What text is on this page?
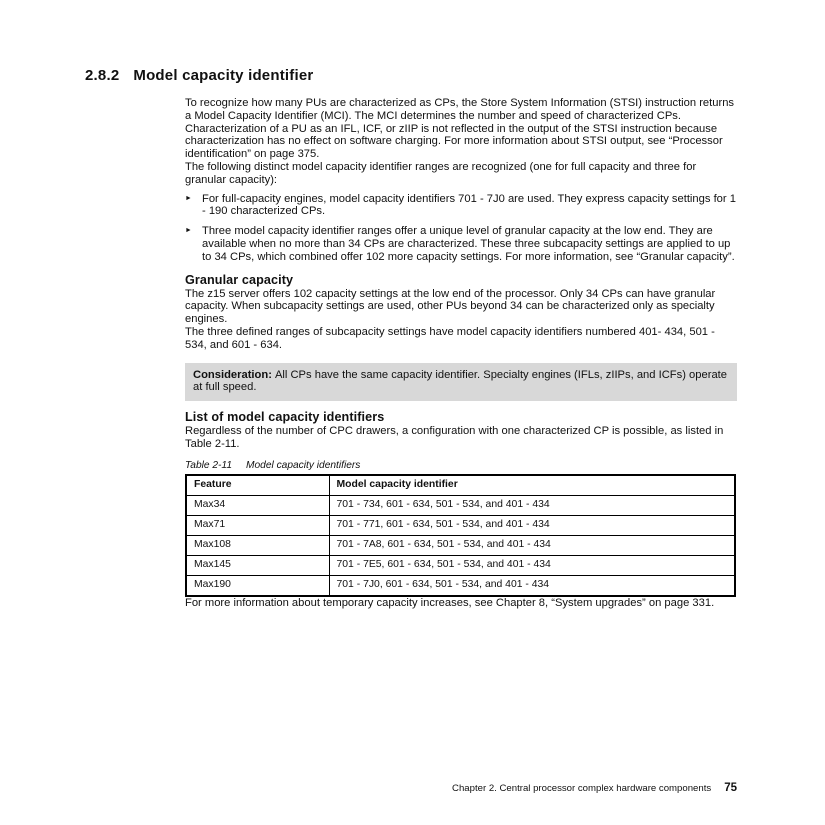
2.8.2 Model capacity identifier

To recognize how many PUs are characterized as CPs, the Store System Information (STSI) instruction returns a Model Capacity Identifier (MCI). The MCI determines the number and speed of characterized CPs. Characterization of a PU as an IFL, ICF, or zIIP is not reflected in the output of the STSI instruction because characterization has no effect on software charging. For more information about STSI output, see “Processor identification” on page 375.

The following distinct model capacity identifier ranges are recognized (one for full capacity and three for granular capacity):

► For full-capacity engines, model capacity identifiers 701 - 7J0 are used. They express capacity settings for 1 - 190 characterized CPs.
► Three model capacity identifier ranges offer a unique level of granular capacity at the low end. They are available when no more than 34 CPs are characterized. These three subcapacity settings are applied to up to 34 CPs, which combined offer 102 more capacity settings. For more information, see “Granular capacity”.
Granular capacity

The z15 server offers 102 capacity settings at the low end of the processor. Only 34 CPs can have granular capacity. When subcapacity settings are used, other PUs beyond 34 can be characterized only as specialty engines.

The three defined ranges of subcapacity settings have model capacity identifiers numbered 401- 434, 501 - 534, and 601 - 634.

Consideration: All CPs have the same capacity identifier. Specialty engines (IFLs, zIIPs, and ICFs) operate at full speed.
List of model capacity identifiers

Regardless of the number of CPC drawers, a configuration with one characterized CP is possible, as listed in Table 2-11.

Table 2-11 Model capacity identifiers
Feature	Model capacity identifier
Max34	701 - 734, 601 - 634, 501 - 534, and 401 - 434
Max71	701 - 771, 601 - 634, 501 - 534, and 401 - 434
Max108	701 - 7A8, 601 - 634, 501 - 534, and 401 - 434
Max145	701 - 7E5, 601 - 634, 501 - 534, and 401 - 434
Max190	701 - 7J0, 601 - 634, 501 - 534, and 401 - 434

For more information about temporary capacity increases, see Chapter 8, “System upgrades” on page 331.

Chapter 2. Central processor complex hardware components 75
